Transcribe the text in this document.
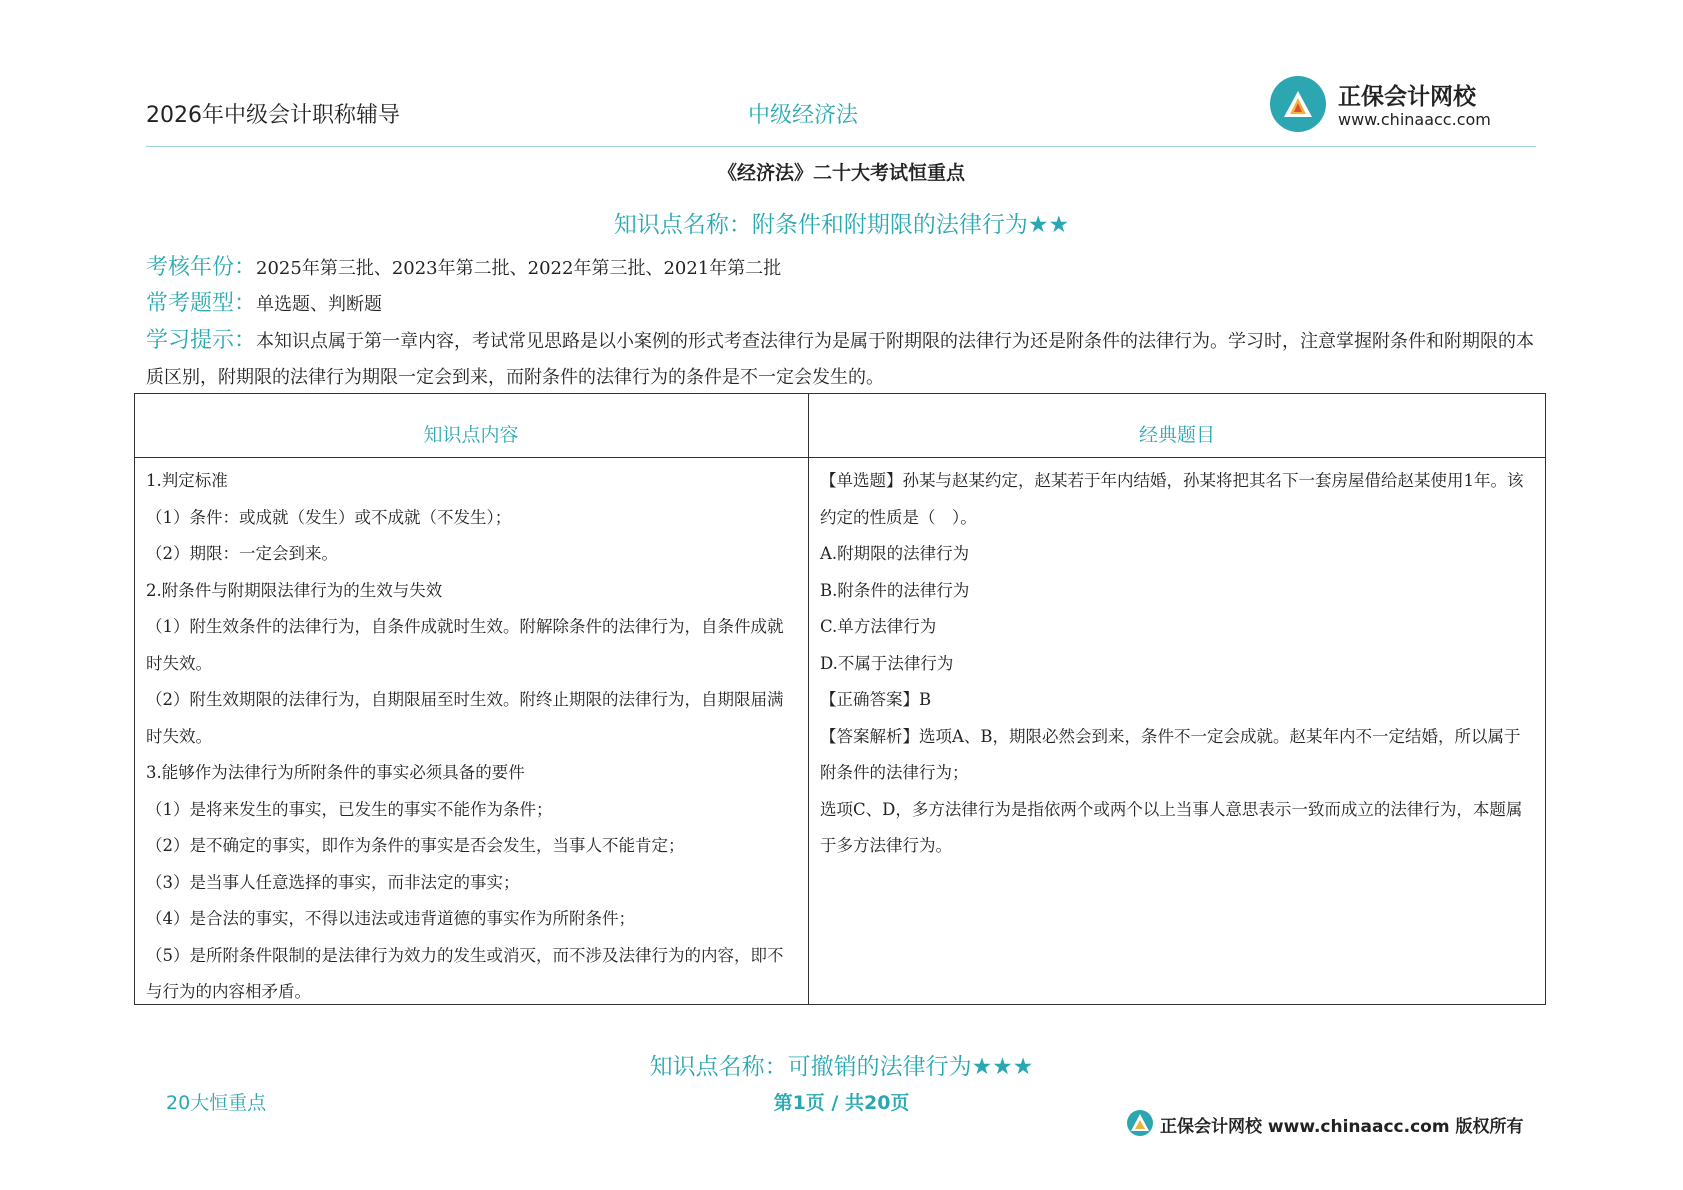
2026年中级会计职称辅导	中级经济法
正保会计网校
www.chinaacc.com
《经济法》二十大考试恒重点
知识点名称：附条件和附期限的法律行为★★
考核年份：2025年第三批、2023年第二批、2022年第三批、2021年第二批
常考题型：单选题、判断题
学习提示：本知识点属于第一章内容，考试常见思路是以小案例的形式考查法律行为是属于附期限的法律行为还是附条件的法律行为。学习时，注意掌握附条件和附期限的本质区别，附期限的法律行为期限一定会到来，而附条件的法律行为的条件是不一定会发生的。
知识点内容	经典题目

1.判定标准

（1）条件：或成就（发生）或不成就（不发生）；

（2）期限：一定会到来。

2.附条件与附期限法律行为的生效与失效

（1）附生效条件的法律行为，自条件成就时生效。附解除条件的法律行为，自条件成就时失效。

（2）附生效期限的法律行为，自期限届至时生效。附终止期限的法律行为，自期限届满时失效。

3.能够作为法律行为所附条件的事实必须具备的要件

（1）是将来发生的事实，已发生的事实不能作为条件；

（2）是不确定的事实，即作为条件的事实是否会发生，当事人不能肯定；

（3）是当事人任意选择的事实，而非法定的事实；

（4）是合法的事实，不得以违法或违背道德的事实作为所附条件；

（5）是所附条件限制的是法律行为效力的发生或消灭，而不涉及法律行为的内容，即不与行为的内容相矛盾。

【单选题】孙某与赵某约定，赵某若于年内结婚，孙某将把其名下一套房屋借给赵某使用1年。该约定的性质是（　）。

A.附期限的法律行为

B.附条件的法律行为

C.单方法律行为

D.不属于法律行为

【正确答案】B

【答案解析】选项A、B，期限必然会到来，条件不一定会成就。赵某年内不一定结婚，所以属于附条件的法律行为；

选项C、D，多方法律行为是指依两个或两个以上当事人意思表示一致而成立的法律行为，本题属于多方法律行为。

知识点名称：可撤销的法律行为★★★
20大恒重点	第1页 / 共20页
正保会计网校 www.chinaacc.com 版权所有
